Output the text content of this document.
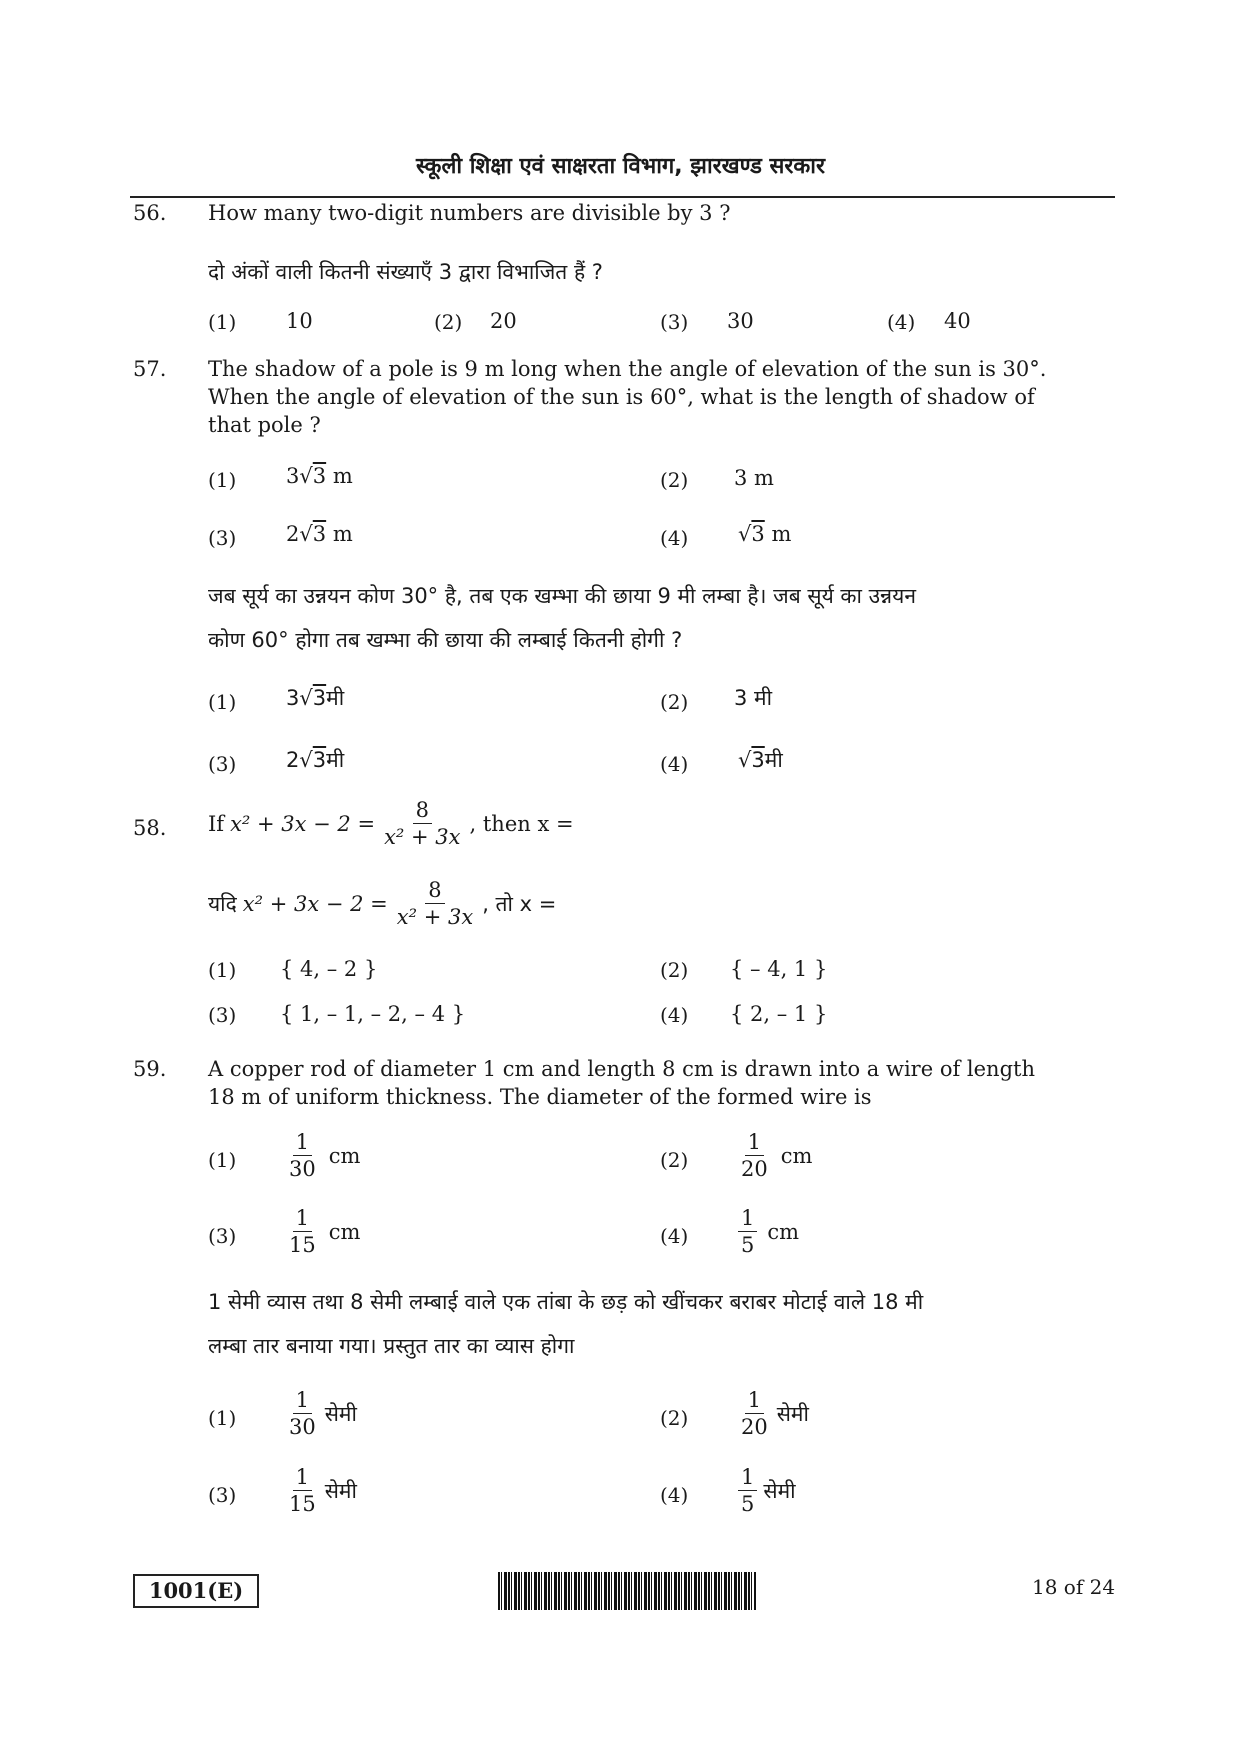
स्कूली शिक्षा एवं साक्षरता विभाग, झारखण्ड सरकार
56. How many two-digit numbers are divisible by 3 ?
दो अंकों वाली कितनी संख्याएँ 3 द्वारा विभाजित हैं ?
(1) 10	(2) 20	(3) 30	(4) 40
57. The shadow of a pole is 9 m long when the angle of elevation of the sun is 30°.
When the angle of elevation of the sun is 60°, what is the length of shadow of
that pole ?
(1) 3√3 m	(2) 3 m
(3) 2√3 m	(4) √3 m
जब सूर्य का उन्नयन कोण 30° है, तब एक खम्भा की छाया 9 मी लम्बा है। जब सूर्य का उन्नयन
कोण 60° होगा तब खम्भा की छाया की लम्बाई कितनी होगी ?
(1) 3√3मी	(2) 3 मी
(3) 2√3मी	(4) √3मी
58. If $x^2 + 3x - 2 = \frac{8}{\text{x² + 3x}}$ , then x =
यदि $x^2 + 3x - 2 = \frac{8}{\text{x² + 3x}}$ , तो x =
(1) { 4, – 2 }	(2) { – 4, 1 }
(3) { 1, – 1, – 2, – 4 }	(4) { 2, – 1 }
59. A copper rod of diameter 1 cm and length 8 cm is drawn into a wire of length
18 m of uniform thickness. The diameter of the formed wire is
$(1) \frac{1}{30}$ cm	$(2) \frac{1}{20}$ cm
$(3) \frac{1}{15}$ cm	$(4) \frac{1}{5}$ cm
1 सेमी व्यास तथा 8 सेमी लम्बाई वाले एक तांबा के छड़ को खींचकर बराबर मोटाई वाले 18 मी
लम्बा तार बनाया गया। प्रस्तुत तार का व्यास होगा
$(1) \frac{1}{30}$ सेमी	$(2) \frac{1}{20}$ सेमी
$(3) \frac{1}{15}$ सेमी	$(4) \frac{1}{5}$ सेमी
1001(E)	18 of 24
